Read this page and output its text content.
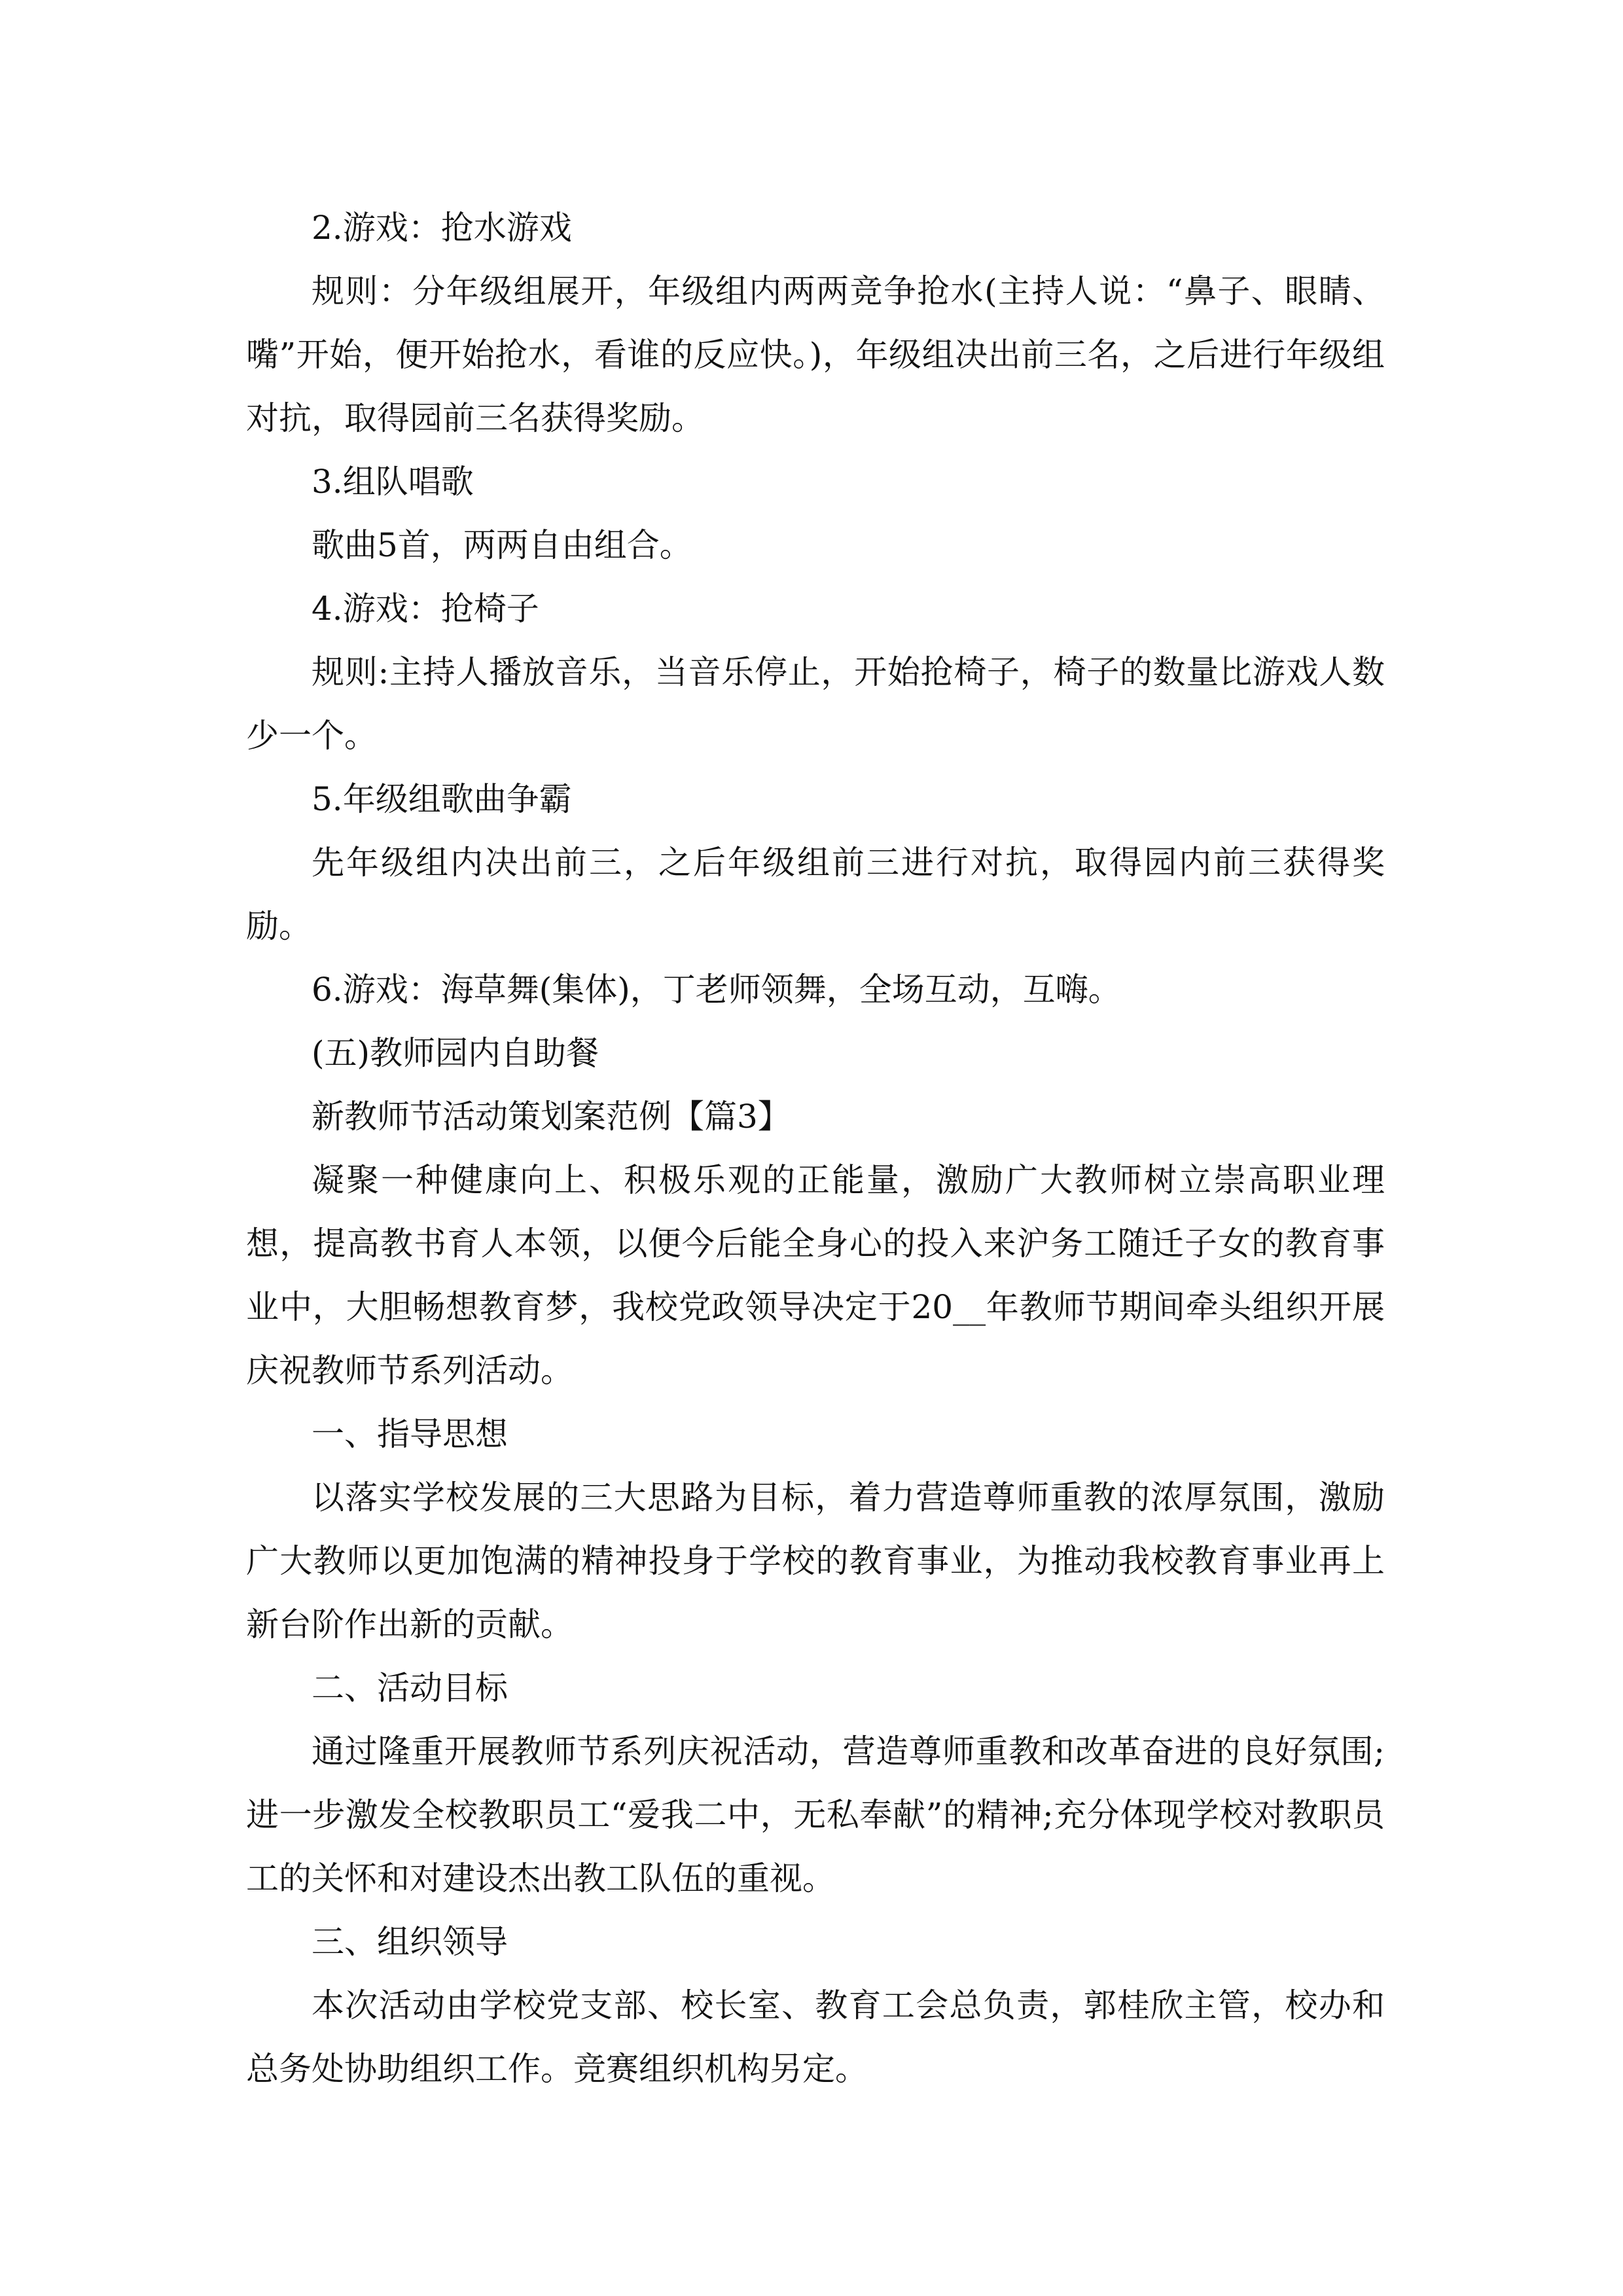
2.游戏：抢水游戏

规则：分年级组展开，年级组内两两竞争抢水(主持人说：“鼻子、眼睛、嘴”开始，便开始抢水，看谁的反应快。)，年级组决出前三名，之后进行年级组对抗，取得园前三名获得奖励。

3.组队唱歌

歌曲5首，两两自由组合。

4.游戏：抢椅子

规则:主持人播放音乐，当音乐停止，开始抢椅子，椅子的数量比游戏人数少一个。

5.年级组歌曲争霸

先年级组内决出前三，之后年级组前三进行对抗，取得园内前三获得奖励。

6.游戏：海草舞(集体)，丁老师领舞，全场互动，互嗨。

(五)教师园内自助餐

新教师节活动策划案范例【篇3】

凝聚一种健康向上、积极乐观的正能量，激励广大教师树立崇高职业理想，提高教书育人本领，以便今后能全身心的投入来沪务工随迁子女的教育事业中，大胆畅想教育梦，我校党政领导决定于20__年教师节期间牵头组织开展庆祝教师节系列活动。

一、指导思想

以落实学校发展的三大思路为目标，着力营造尊师重教的浓厚氛围，激励广大教师以更加饱满的精神投身于学校的教育事业，为推动我校教育事业再上新台阶作出新的贡献。

二、活动目标

通过隆重开展教师节系列庆祝活动，营造尊师重教和改革奋进的良好氛围;进一步激发全校教职员工“爱我二中，无私奉献”的精神;充分体现学校对教职员工的关怀和对建设杰出教工队伍的重视。

三、组织领导

本次活动由学校党支部、校长室、教育工会总负责，郭桂欣主管，校办和总务处协助组织工作。竞赛组织机构另定。
